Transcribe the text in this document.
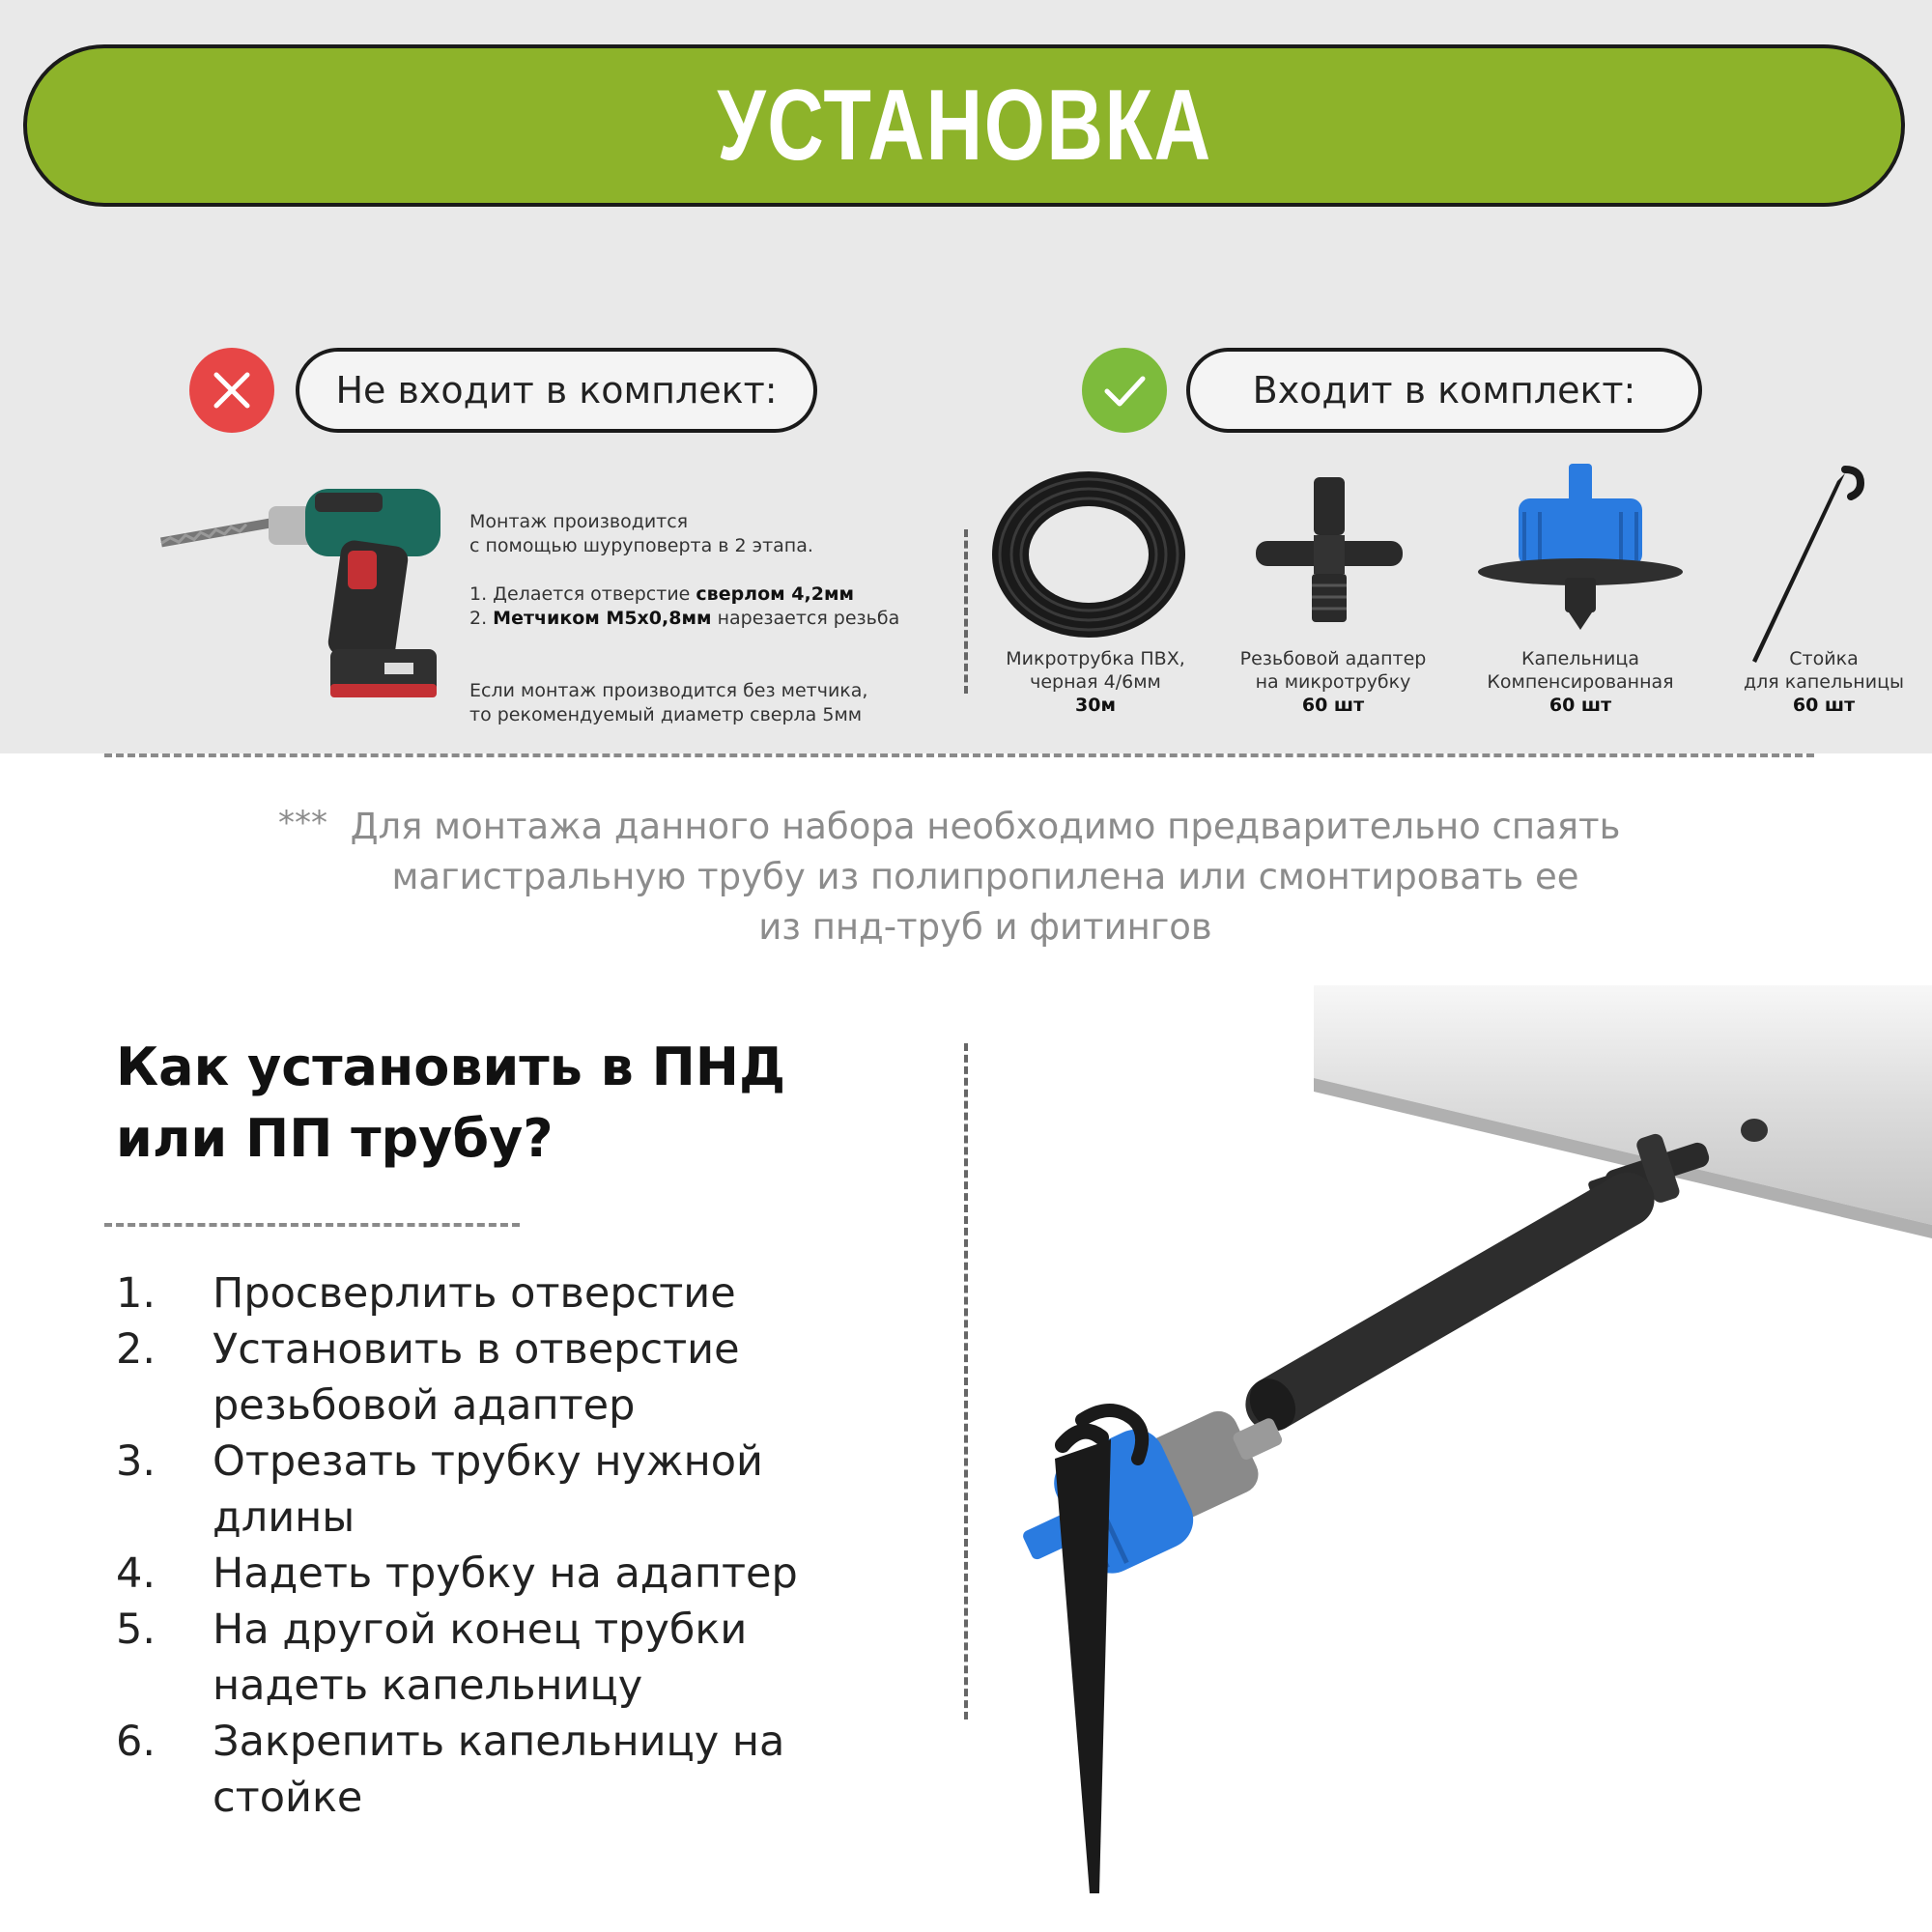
УСТАНОВКА
Не входит в комплект:	Входит в комплект:

Монтаж производится

с помощью шуруповерта в 2 этапа.

1. Делается отверстие сверлом 4,2мм

2. Метчиком М5х0,8мм нарезается резьба

Если монтаж производится без метчика,

то рекомендуемый диаметр сверла 5мм

Микротрубка ПВХ,
черная 4/6мм
30м
Резьбовой адаптер
на микротрубку
60 шт
Капельница
Компенсированная
60 шт
Стойка
для капельницы
60 шт
*** Для монтажа данного набора необходимо предварительно спаять
магистральную трубу из полипропилена или смонтировать ее
из пнд-труб и фитингов
Как установить в ПНД
или ПП трубу?
1. Просверлить отверстие
2. Установить в отверстие
резьбовой адаптер
3. Отрезать трубку нужной
длины
4. Надеть трубку на адаптер
5. На другой конец трубки
надеть капельницу
6. Закрепить капельницу на
стойке
